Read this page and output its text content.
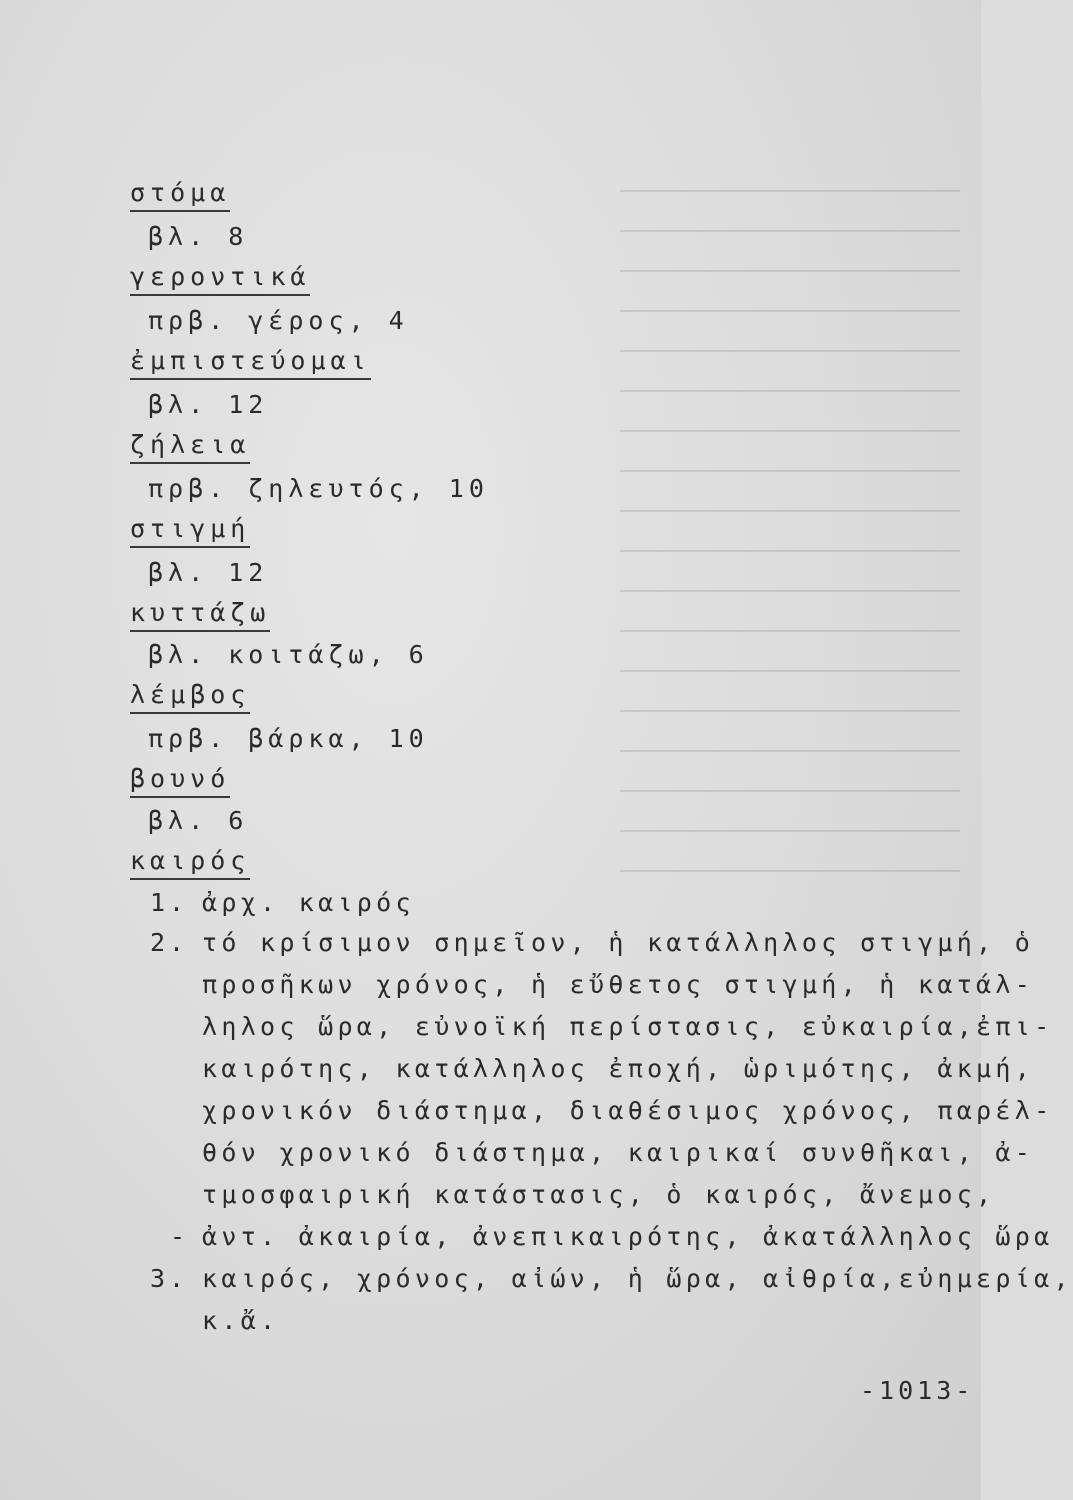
στόμα
βλ. 8
γεροντικά
πρβ. γέρος, 4
ἐμπιστεύομαι
βλ. 12
ζήλεια
πρβ. ζηλευτός, 10
στιγμή
βλ. 12
κυττάζω
βλ. κοιτάζω, 6
λέμβος
πρβ. βάρκα, 10
βουνό
βλ. 6
καιρός
1. ἀρχ. καιρός
2. τό κρίσιμον σημεῖον, ἡ κατάλληλος στιγμή, ὁ
προσῆκων χρόνος, ἡ εὔθετος στιγμή, ἡ κατάλ-
ληλος ὥρα, εὐνοϊκή περίστασις, εὐκαιρία,ἐπι-
καιρότης, κατάλληλος ἐποχή, ὡριμότης, ἀκμή,
χρονικόν διάστημα, διαθέσιμος χρόνος, παρέλ-
θόν χρονικό διάστημα, καιρικαί συνθῆκαι, ἀ-
τμοσφαιρική κατάστασις, ὁ καιρός, ἄνεμος,
- ἀντ. ἀκαιρία, ἀνεπικαιρότης, ἀκατάλληλος ὥρα
3. καιρός, χρόνος, αἰών, ἡ ὥρα, αἰθρία,εὐημερία,
κ.ἄ.
-1013-
